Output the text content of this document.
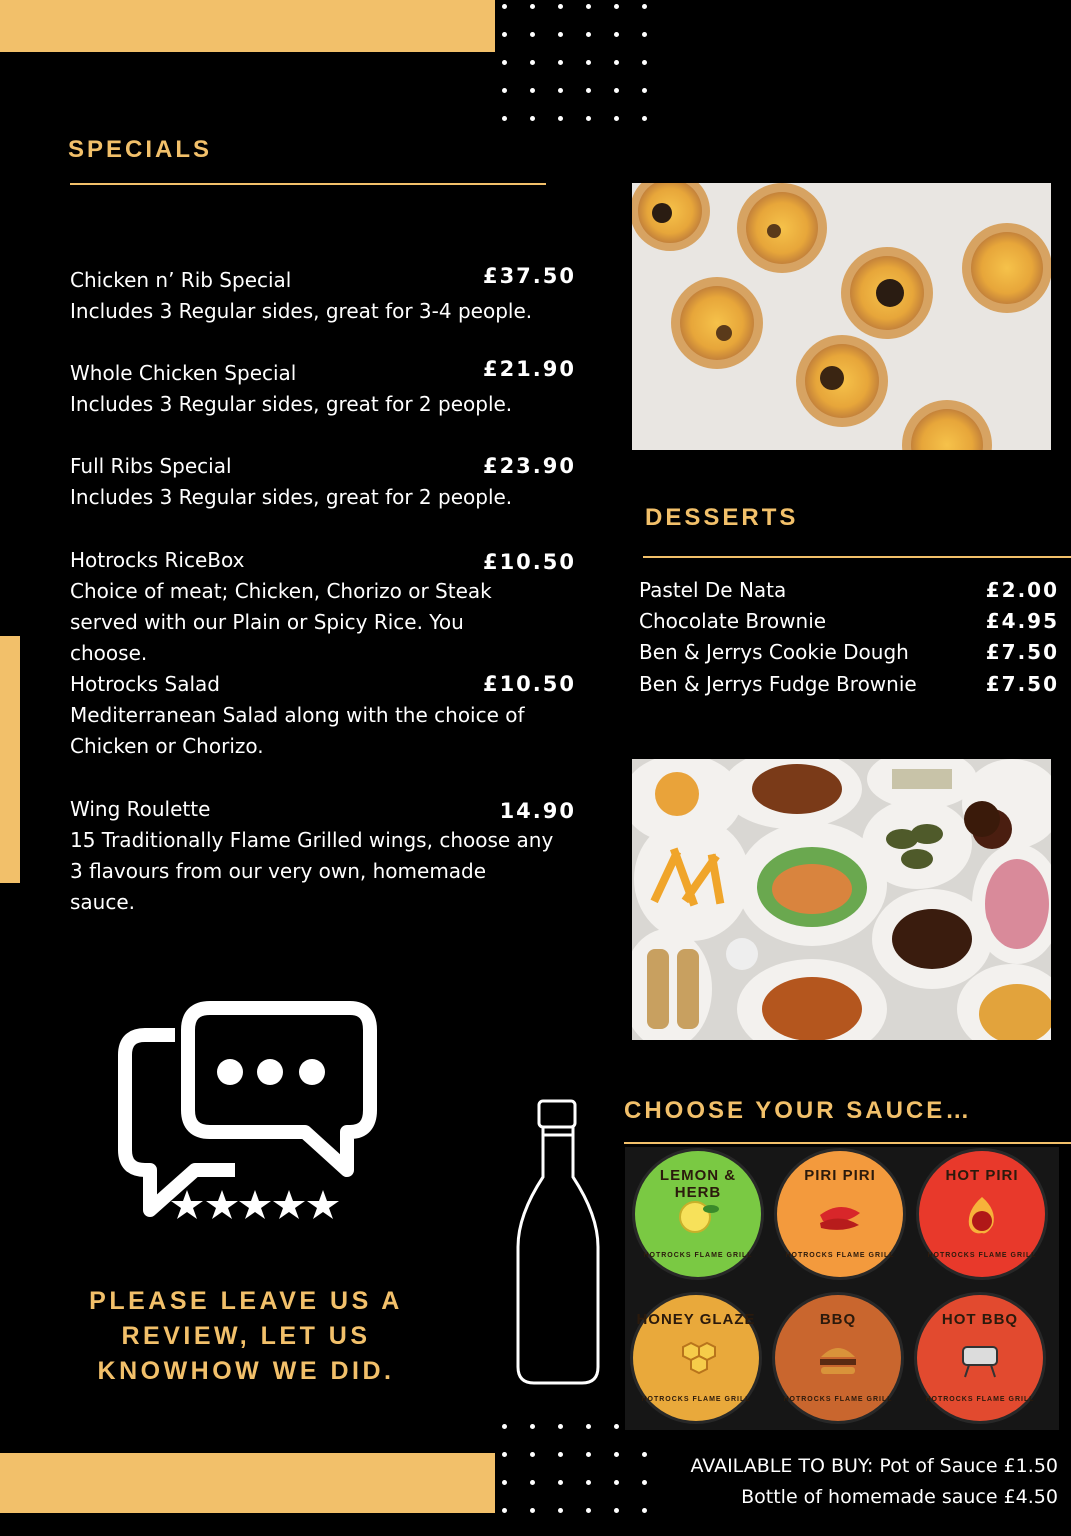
SPECIALS
Chicken n’ Rib Special	£37.50
Includes 3 Regular sides, great for 3-4 people.
Whole Chicken Special	£21.90
Includes 3 Regular sides, great for 2 people.
Full Ribs Special	£23.90
Includes 3 Regular sides, great for 2 people.
Hotrocks RiceBox	£10.50
Choice of meat; Chicken, Chorizo or Steak served with our Plain or Spicy Rice. You choose.
Hotrocks Salad	£10.50
Mediterranean Salad along with the choice of Chicken or Chorizo.
Wing Roulette	14.90
15 Traditionally Flame Grilled wings, choose any 3 flavours from our very own, homemade sauce.
DESSERTS
Pastel De Nata	£2.00
Chocolate Brownie	£4.95
Ben & Jerrys Cookie Dough	£7.50
Ben & Jerrys Fudge Brownie	£7.50
PLEASE LEAVE US A REVIEW, LET US KNOWHOW WE DID.
CHOOSE YOUR SAUCE…
LEMON & HERB
HOTROCKS FLAME GRILL
PIRI PIRI
HOTROCKS FLAME GRILL
HOT PIRI
HOTROCKS FLAME GRILL
HONEY GLAZE
HOTROCKS FLAME GRILL
BBQ
HOTROCKS FLAME GRILL
HOT BBQ
HOTROCKS FLAME GRILL
AVAILABLE TO BUY: Pot of Sauce £1.50
Bottle of homemade sauce £4.50
